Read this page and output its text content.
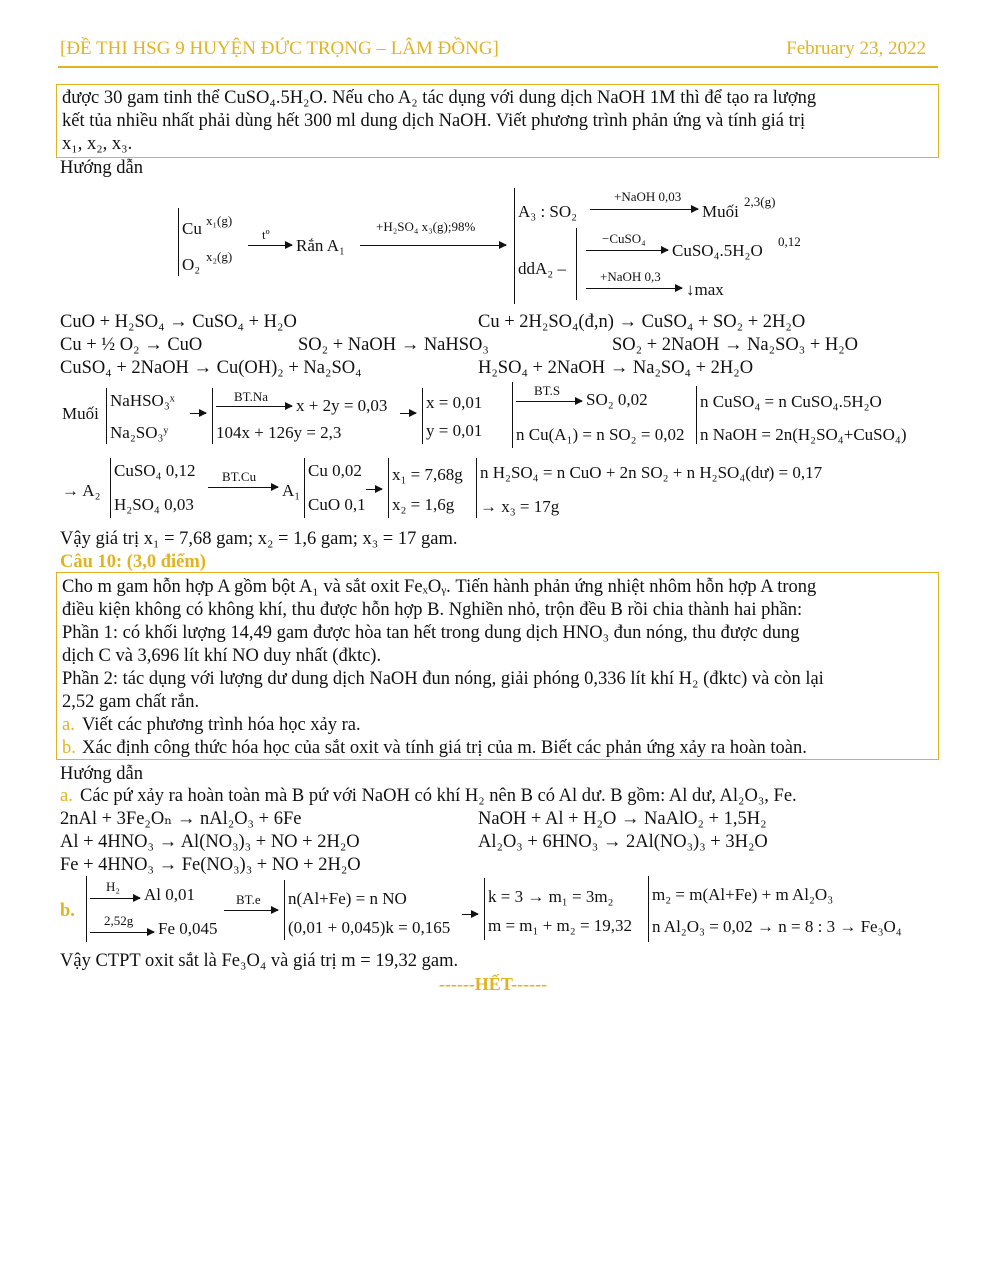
[ĐỀ THI HSG 9 HUYỆN ĐỨC TRỌNG – LÂM ĐỒNG]	February 23, 2022
được 30 gam tinh thể CuSO₄.5H₂O. Nếu cho A₂ tác dụng với dung dịch NaOH 1M thì để tạo ra lượng
kết tủa nhiều nhất phải dùng hết 300 ml dung dịch NaOH. Viết phương trình phản ứng và tính giá trị
x₁, x₂, x₃.
Hướng dẫn
Cu x₁(g)
O₂ x₂(g)
tº
Rắn A₁
+H₂SO₄ x₃(g);98%
A₃ : SO₂
+NaOH 0,03
Muối
2,3(g)
ddA₂ –
−CuSO₄
CuSO₄.5H₂O 0,12
+NaOH 0,3
↓max
CuO + H₂SO₄ → CuSO₄ + H₂O	Cu + 2H₂SO₄(đ,n) → CuSO₄ + SO₂ + 2H₂O
Cu + ½ O₂ → CuO	SO₂ + NaOH → NaHSO₃	SO₂ + 2NaOH → Na₂SO₃ + H₂O
CuSO₄ + 2NaOH → Cu(OH)₂ + Na₂SO₄	H₂SO₄ + 2NaOH → Na₂SO₄ + 2H₂O
Muối
NaHSO₃ˣ
Na₂SO₃ʸ
BT.Na x + 2y = 0,03
104x + 126y = 2,3
x = 0,01
y = 0,01
BT.S SO₂ 0,02
n Cu(A₁) = n SO₂ = 0,02
n CuSO₄ = n CuSO₄.5H₂O
n NaOH = 2n(H₂SO₄+CuSO₄)
→ A₂
CuSO₄ 0,12
H₂SO₄ 0,03
BT.Cu
A₁
Cu 0,02
CuO 0,1
x₁ = 7,68g
x₂ = 1,6g
n H₂SO₄ = n CuO + 2n SO₂ + n H₂SO₄(dư) = 0,17
→ x₃ = 17g
Vậy giá trị x₁ = 7,68 gam; x₂ = 1,6 gam; x₃ = 17 gam.
Câu 10: (3,0 điểm)
Cho m gam hỗn hợp A gồm bột A₁ và sắt oxit FeₓOᵧ. Tiến hành phản ứng nhiệt nhôm hỗn hợp A trong
điều kiện không có không khí, thu được hỗn hợp B. Nghiền nhỏ, trộn đều B rồi chia thành hai phần:
Phần 1: có khối lượng 14,49 gam được hòa tan hết trong dung dịch HNO₃ đun nóng, thu được dung
dịch C và 3,696 lít khí NO duy nhất (đktc).
Phần 2: tác dụng với lượng dư dung dịch NaOH đun nóng, giải phóng 0,336 lít khí H₂ (đktc) và còn lại
2,52 gam chất rắn.
a. Viết các phương trình hóa học xảy ra.
b. Xác định công thức hóa học của sắt oxit và tính giá trị của m. Biết các phản ứng xảy ra hoàn toàn.
Hướng dẫn
a. Các pứ xảy ra hoàn toàn mà B pứ với NaOH có khí H₂ nên B có Al dư. B gồm: Al dư, Al₂O₃, Fe.
2nAl + 3Fe₂Oₙ → nAl₂O₃ + 6Fe	NaOH + Al + H₂O → NaAlO₂ + 1,5H₂
Al + 4HNO₃ → Al(NO₃)₃ + NO + 2H₂O	Al₂O₃ + 6HNO₃ → 2Al(NO₃)₃ + 3H₂O
Fe + 4HNO₃ → Fe(NO₃)₃ + NO + 2H₂O
b.
H₂ Al 0,01
2,52g Fe 0,045
BT.e n(Al+Fe) = n NO
(0,01 + 0,045)k = 0,165
k = 3 → m₁ = 3m₂
m = m₁ + m₂ = 19,32
m₂ = m(Al+Fe) + m Al₂O₃
n Al₂O₃ = 0,02 → n = 8 : 3 → Fe₃O₄
Vậy CTPT oxit sắt là Fe₃O₄ và giá trị m = 19,32 gam.
------HẾT------
